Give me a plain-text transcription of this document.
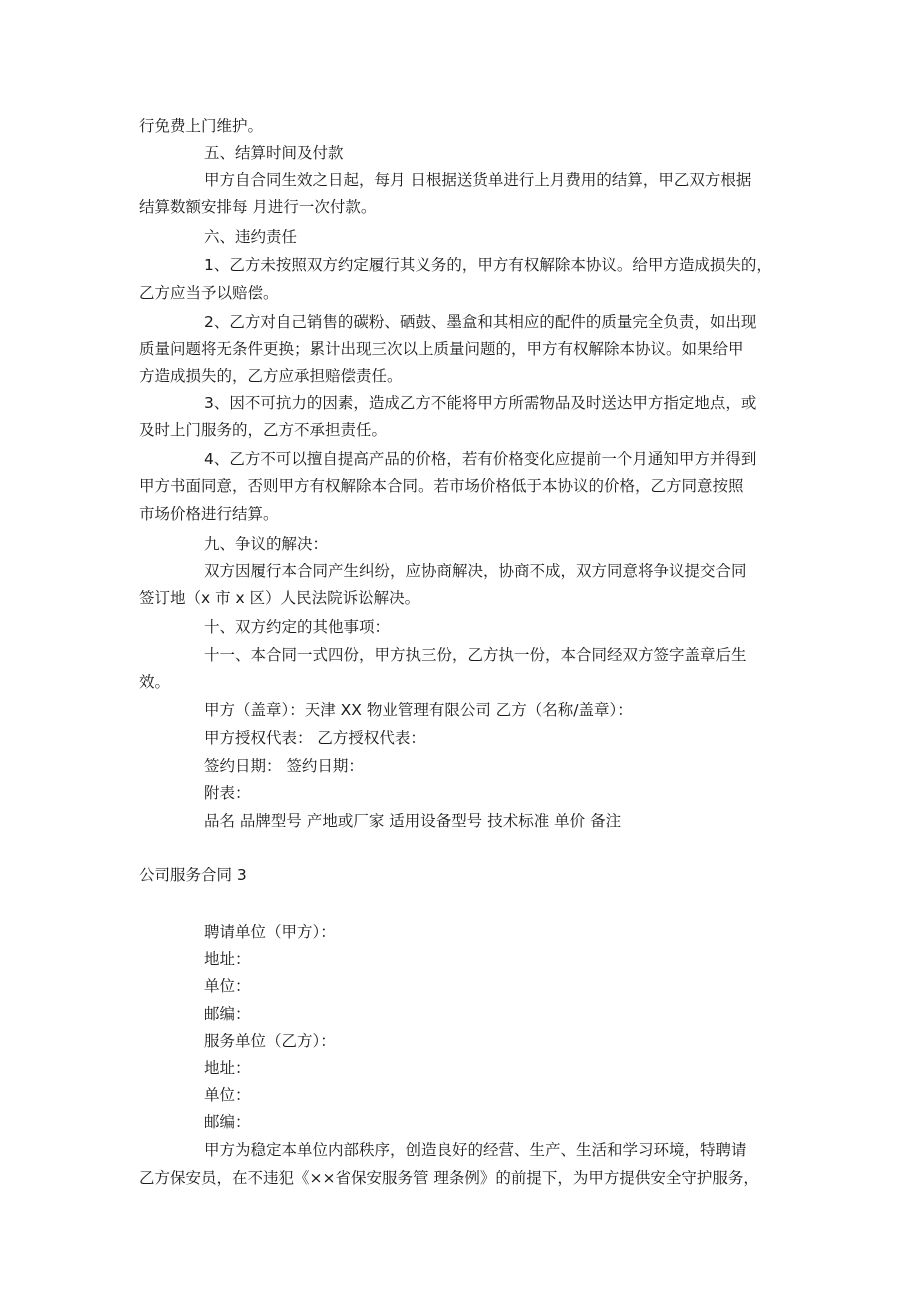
行免费上门维护。
五、结算时间及付款
甲方自合同生效之日起，每月 日根据送货单进行上月费用的结算，甲乙双方根据
结算数额安排每 月进行一次付款。
六、违约责任
1、乙方未按照双方约定履行其义务的，甲方有权解除本协议。给甲方造成损失的，
乙方应当予以赔偿。
2、乙方对自己销售的碳粉、硒鼓、墨盒和其相应的配件的质量完全负责，如出现
质量问题将无条件更换；累计出现三次以上质量问题的，甲方有权解除本协议。如果给甲
方造成损失的，乙方应承担赔偿责任。
3、因不可抗力的因素，造成乙方不能将甲方所需物品及时送达甲方指定地点，或
及时上门服务的，乙方不承担责任。
4、乙方不可以擅自提高产品的价格，若有价格变化应提前一个月通知甲方并得到
甲方书面同意，否则甲方有权解除本合同。若市场价格低于本协议的价格，乙方同意按照
市场价格进行结算。
九、争议的解决：
双方因履行本合同产生纠纷，应协商解决，协商不成，双方同意将争议提交合同
签订地（x 市 x 区）人民法院诉讼解决。
十、双方约定的其他事项：
十一、本合同一式四份，甲方执三份，乙方执一份，本合同经双方签字盖章后生
效。
甲方（盖章）：天津 XX 物业管理有限公司 乙方（名称/盖章）：
甲方授权代表： 乙方授权代表：
签约日期： 签约日期：
附表：
品名 品牌型号 产地或厂家 适用设备型号 技术标准 单价 备注
公司服务合同 3
聘请单位（甲方）：
地址：
单位：
邮编：
服务单位（乙方）：
地址：
单位：
邮编：
甲方为稳定本单位内部秩序，创造良好的经营、生产、生活和学习环境，特聘请
乙方保安员，在不违犯《××省保安服务管 理条例》的前提下，为甲方提供安全守护服务，
